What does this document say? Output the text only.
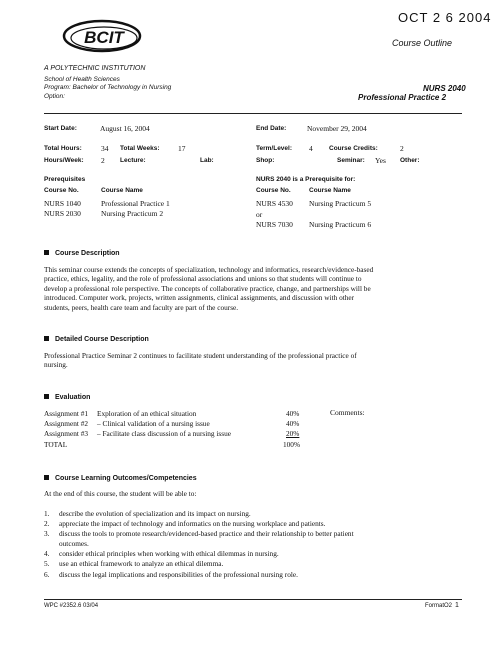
OCT 2 6 2004
BCIT	Course Outline
A POLYTECHNIC INSTITUTION
School of Health Sciences
Program: Bachelor of Technology in Nursing
Option:
NURS 2040
Professional Practice 2
Start Date:	August 16, 2004	End Date:	November 29, 2004
Total Hours:	34 Total Weeks: 17	Term/Level: 4	Course Credits:	2
Hours/Week: 2 Lecture:	Lab:	Shop:	Seminar: Yes Other:
Prerequisites
Course No.	Course Name
NURS 1040	Professional Practice 1
NURS 2030	Nursing Practicum 2
NURS 2040 is a Prerequisite for:
Course No.	Course Name
NURS 4530 Nursing Practicum 5
or
NURS 7030 Nursing Practicum 6
Course Description
This seminar course extends the concepts of specialization, technology and informatics, research/evidence-based
practice, ethics, legality, and the role of professional associations and unions so that students will continue to
develop a professional role perspective. The concepts of collaborative practice, change, and partnerships will be
introduced. Computer work, projects, written assignments, clinical assignments, and discussion with other
students, peers, health care team and faculty are part of the course.
Detailed Course Description
Professional Practice Seminar 2 continues to facilitate student understanding of the professional practice of
nursing.
Evaluation
Comments:
Assignment #1 Exploration of an ethical situation	40%
Assignment #2 – Clinical validation of a nursing issue	40%
Assignment #3 – Facilitate class discussion of a nursing issue	20%
TOTAL	100%
Course Learning Outcomes/Competencies
At the end of this course, the student will be able to:
1. describe the evolution of specialization and its impact on nursing.
2. appreciate the impact of technology and informatics on the nursing workplace and patients.
3. discuss the tools to promote research/evidenced-based practice and their relationship to better patient
outcomes.
4. consider ethical principles when working with ethical dilemmas in nursing.
5. use an ethical framework to analyze an ethical dilemma.
6. discuss the legal implications and responsibilities of the professional nursing role.
WPC #2352.6 03/04	FormatO2 1
